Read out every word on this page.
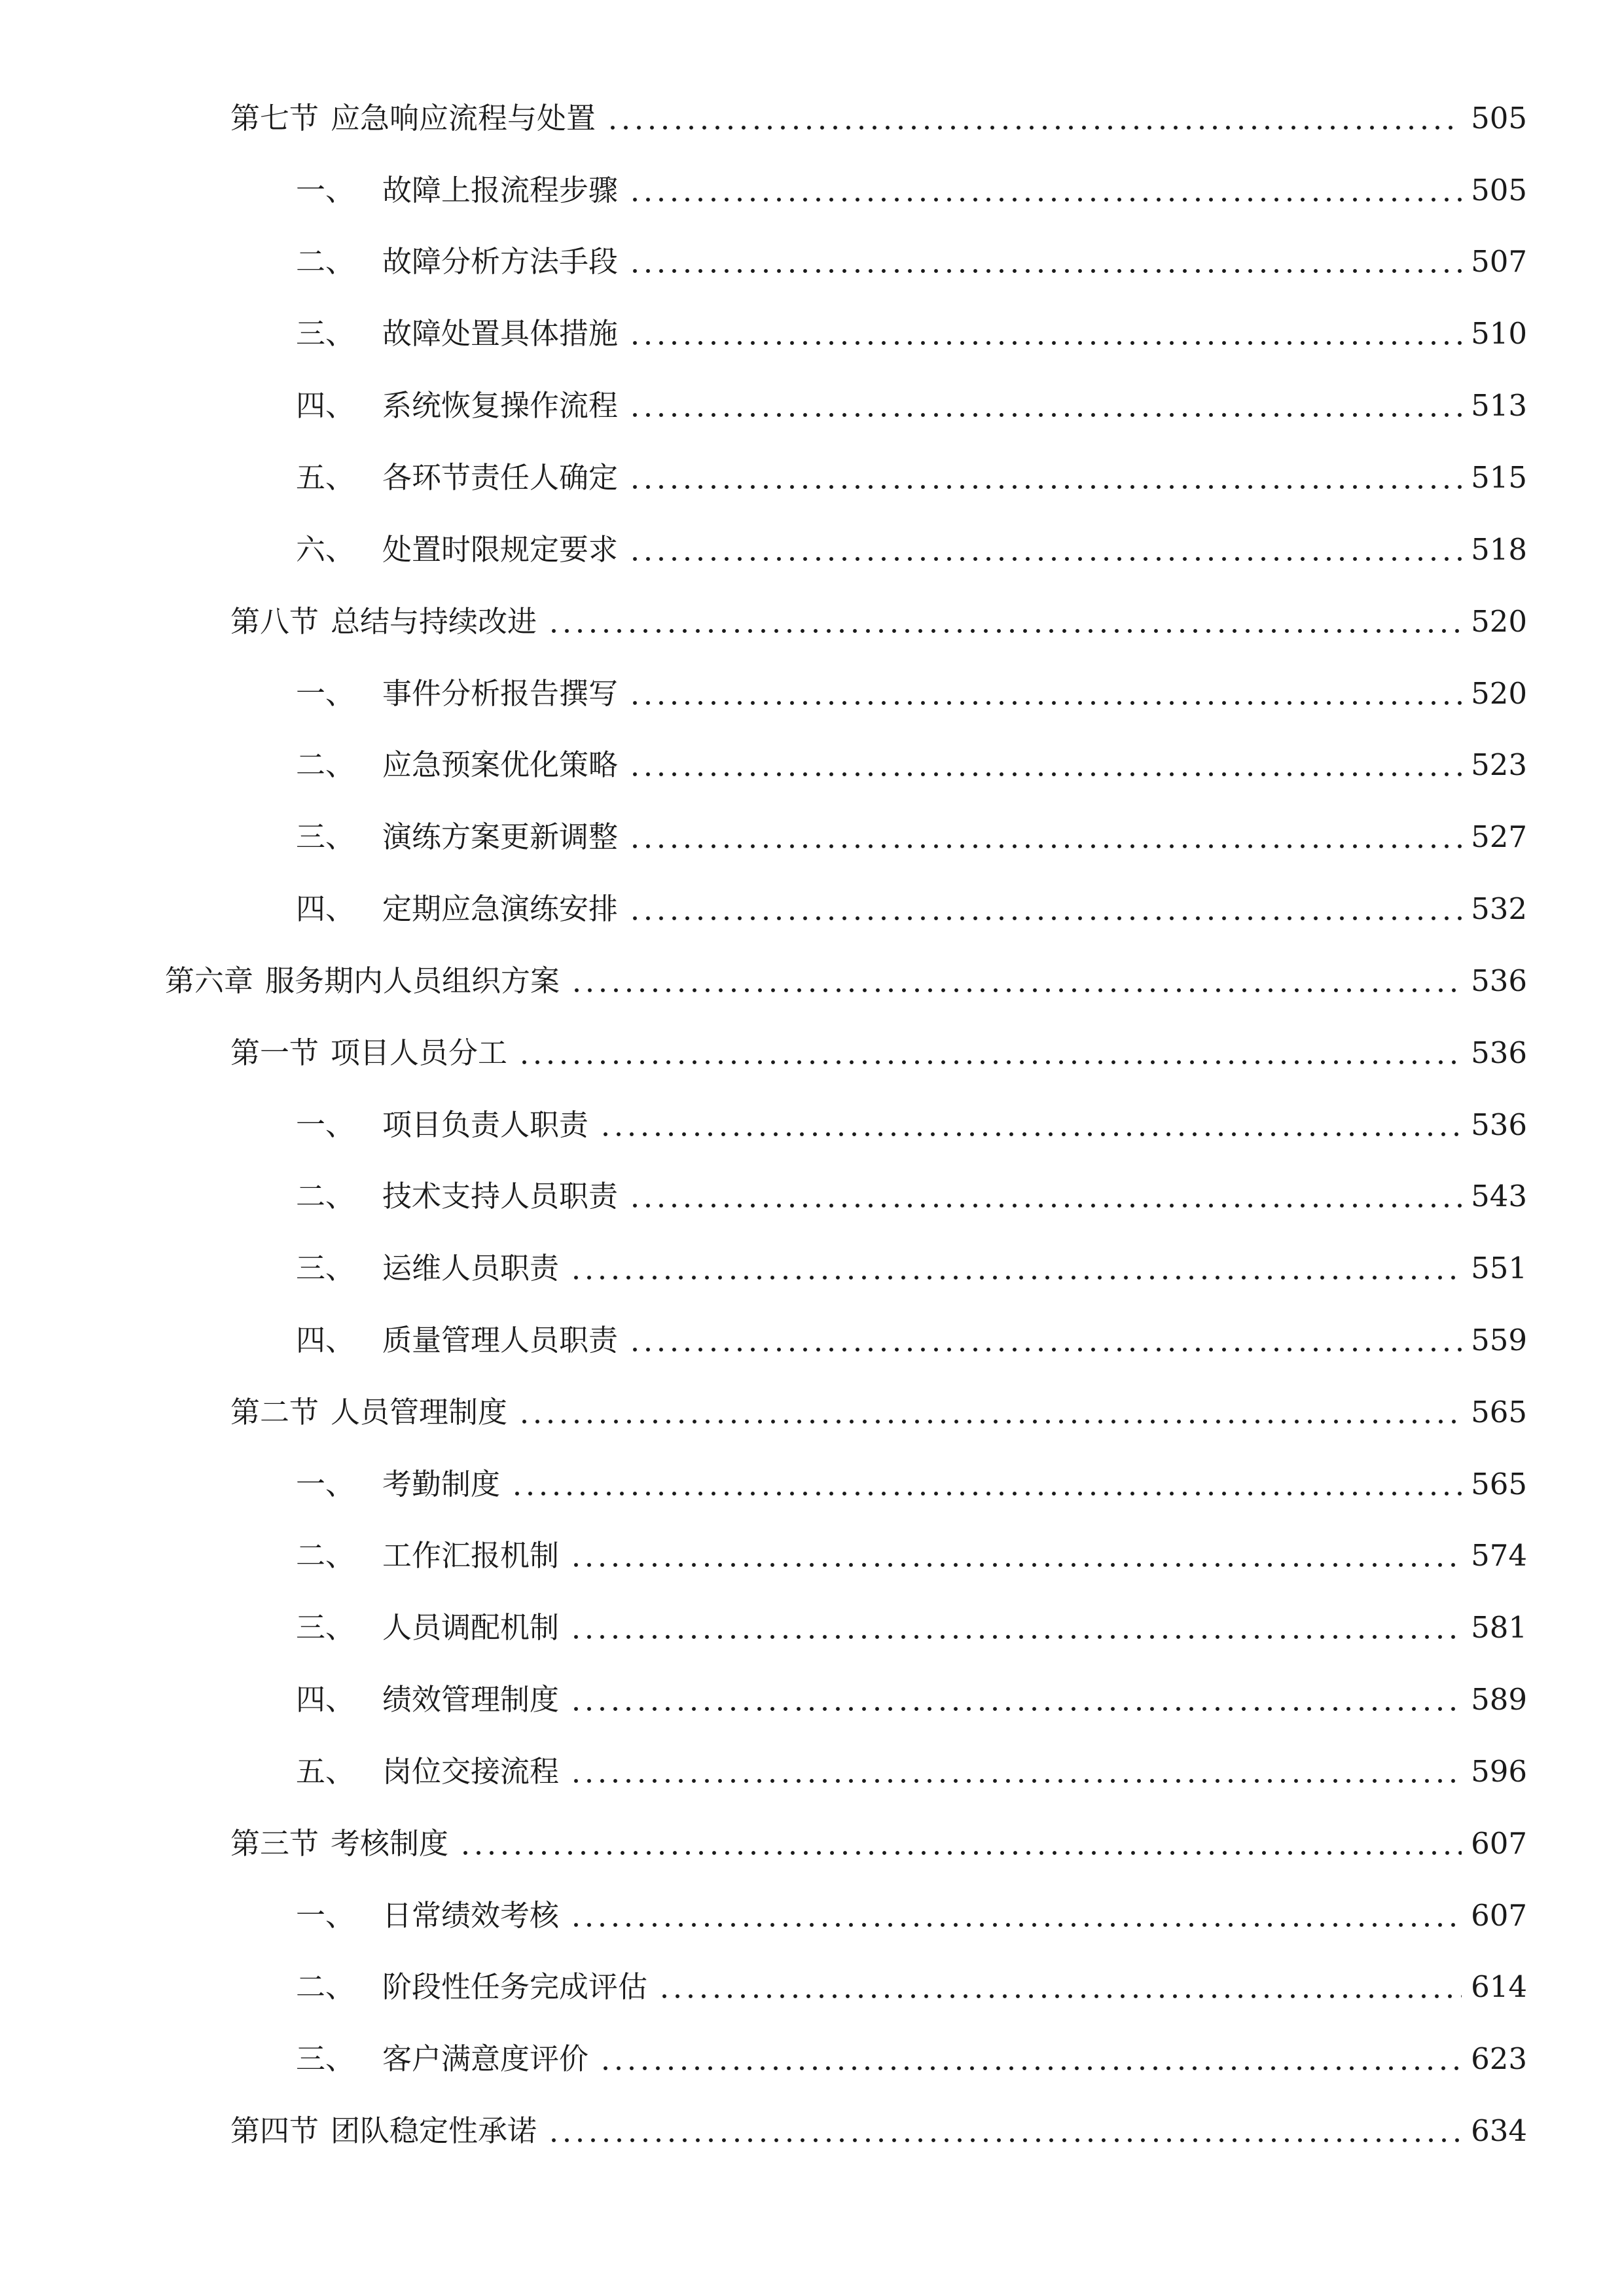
第七节 应急响应流程与处置	505
一、 故障上报流程步骤	505
二、 故障分析方法手段	507
三、 故障处置具体措施	510
四、 系统恢复操作流程	513
五、 各环节责任人确定	515
六、 处置时限规定要求	518
第八节 总结与持续改进	520
一、 事件分析报告撰写	520
二、 应急预案优化策略	523
三、 演练方案更新调整	527
四、 定期应急演练安排	532
第六章 服务期内人员组织方案	536
第一节 项目人员分工	536
一、 项目负责人职责	536
二、 技术支持人员职责	543
三、 运维人员职责	551
四、 质量管理人员职责	559
第二节 人员管理制度	565
一、 考勤制度	565
二、 工作汇报机制	574
三、 人员调配机制	581
四、 绩效管理制度	589
五、 岗位交接流程	596
第三节 考核制度	607
一、 日常绩效考核	607
二、 阶段性任务完成评估	614
三、 客户满意度评价	623
第四节 团队稳定性承诺	634
